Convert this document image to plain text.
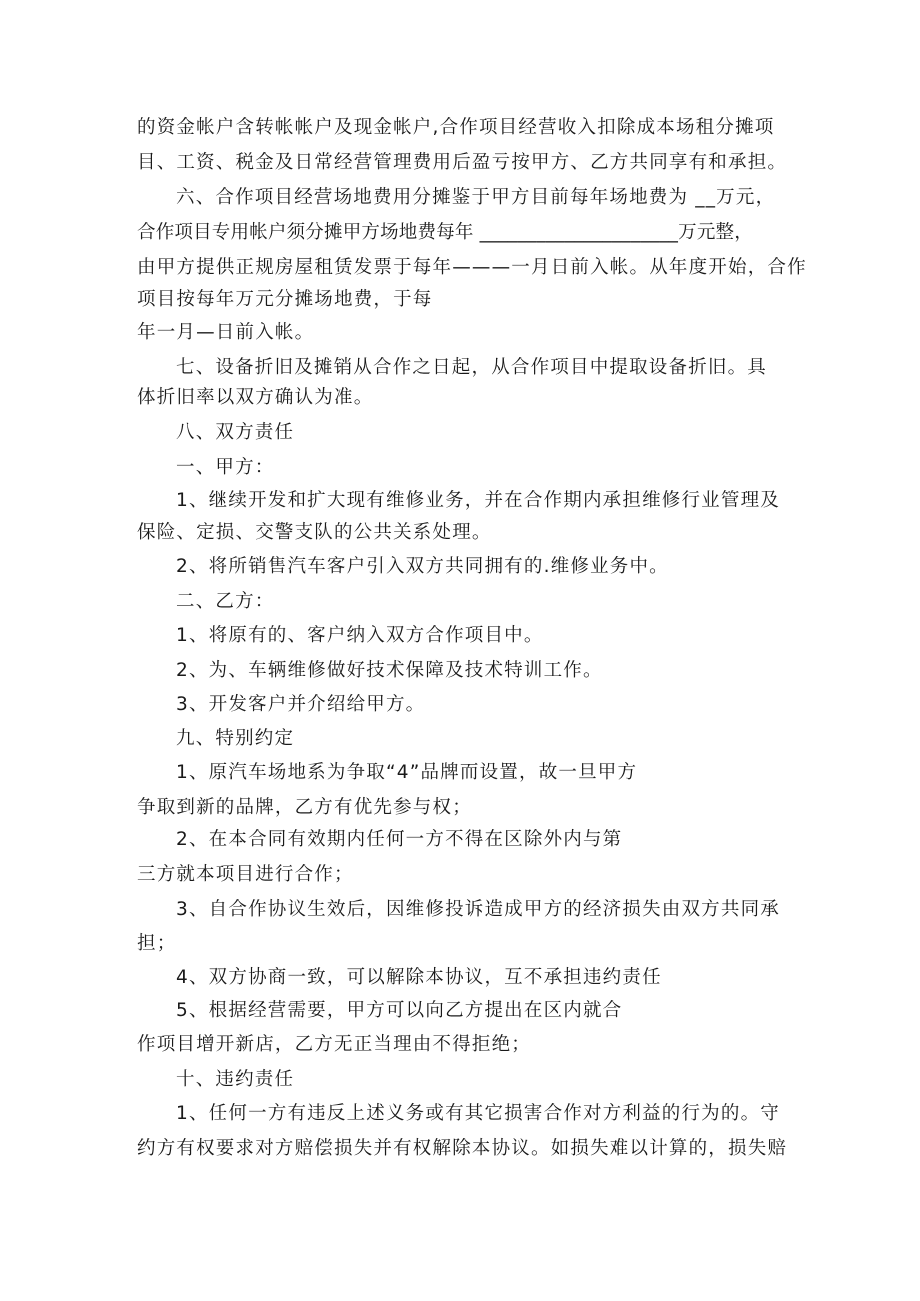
的资金帐户含转帐帐户及现金帐户,合作项目经营收入扣除成本场租分摊项
目、工资、税金及日常经营管理费用后盈亏按甲方、乙方共同享有和承担。
六、合作项目经营场地费用分摊鉴于甲方目前每年场地费为 __万元，
合作项目专用帐户须分摊甲方场地费每年 _____________________万元整，
由甲方提供正规房屋租赁发票于每年———一月日前入帐。从年度开始，合作
项目按每年万元分摊场地费，于每
年一月—日前入帐。
七、设备折旧及摊销从合作之日起，从合作项目中提取设备折旧。具
体折旧率以双方确认为准。
八、双方责任
一、甲方：
1、继续开发和扩大现有维修业务，并在合作期内承担维修行业管理及
保险、定损、交警支队的公共关系处理。
2、将所销售汽车客户引入双方共同拥有的.维修业务中。
二、乙方：
1、将原有的、客户纳入双方合作项目中。
2、为、车辆维修做好技术保障及技术特训工作。
3、开发客户并介绍给甲方。
九、特别约定
1、原汽车场地系为争取“4”品牌而设置，故一旦甲方
争取到新的品牌，乙方有优先参与权；
2、在本合同有效期内任何一方不得在区除外内与第
三方就本项目进行合作；
3、自合作协议生效后，因维修投诉造成甲方的经济损失由双方共同承
担；
4、双方协商一致，可以解除本协议，互不承担违约责任
5、根据经营需要，甲方可以向乙方提出在区内就合
作项目增开新店，乙方无正当理由不得拒绝；
十、违约责任
1、任何一方有违反上述义务或有其它损害合作对方利益的行为的。守
约方有权要求对方赔偿损失并有权解除本协议。如损失难以计算的，损失赔
